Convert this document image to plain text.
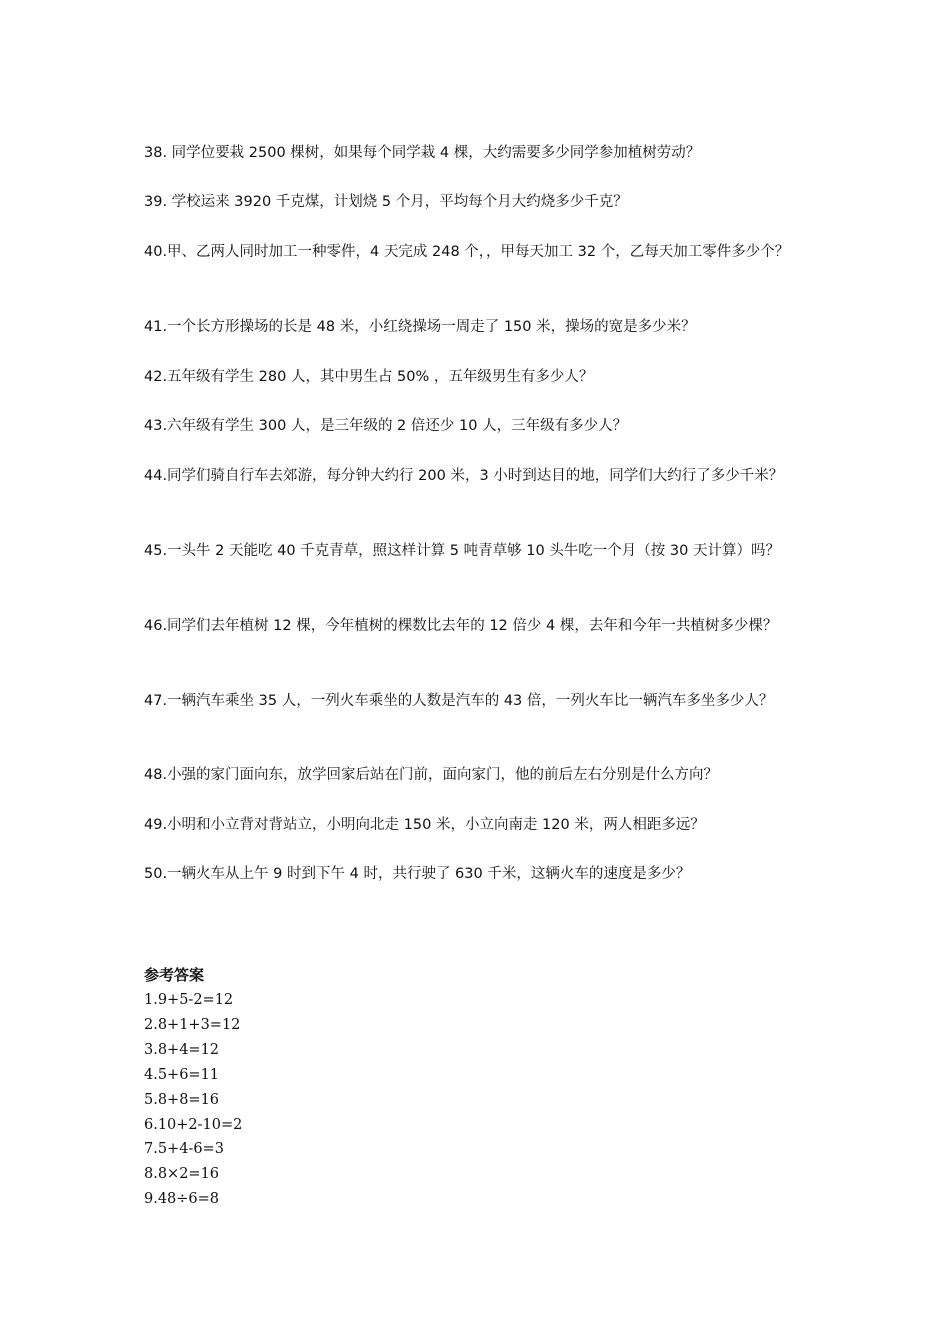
38. 同学位要栽 2500 棵树，如果每个同学栽 4 棵，大约需要多少同学参加植树劳动？
39. 学校运来 3920 千克煤，计划烧 5 个月，平均每个月大约烧多少千克？
40.甲、乙两人同时加工一种零件，4 天完成 248 个，，甲每天加工 32 个，乙每天加工零件多少个？
41.一个长方形操场的长是 48 米，小红绕操场一周走了 150 米，操场的宽是多少米？
42.五年级有学生 280 人，其中男生占 50% ，五年级男生有多少人？
43.六年级有学生 300 人，是三年级的 2 倍还少 10 人，三年级有多少人？
44.同学们骑自行车去郊游，每分钟大约行 200 米，3 小时到达目的地，同学们大约行了多少千米？
45.一头牛 2 天能吃 40 千克青草，照这样计算 5 吨青草够 10 头牛吃一个月（按 30 天计算）吗？
46.同学们去年植树 12 棵，今年植树的棵数比去年的 12 倍少 4 棵，去年和今年一共植树多少棵？
47.一辆汽车乘坐 35 人，一列火车乘坐的人数是汽车的 43 倍，一列火车比一辆汽车多坐多少人？
48.小强的家门面向东，放学回家后站在门前，面向家门，他的前后左右分别是什么方向？
49.小明和小立背对背站立，小明向北走 150 米，小立向南走 120 米，两人相距多远？
50.一辆火车从上午 9 时到下午 4 时，共行驶了 630 千米，这辆火车的速度是多少？
参考答案
1.9+5-2=12
2.8+1+3=12
3.8+4=12
4.5+6=11
5.8+8=16
6.10+2-10=2
7.5+4-6=3
8.8×2=16
9.48÷6=8
